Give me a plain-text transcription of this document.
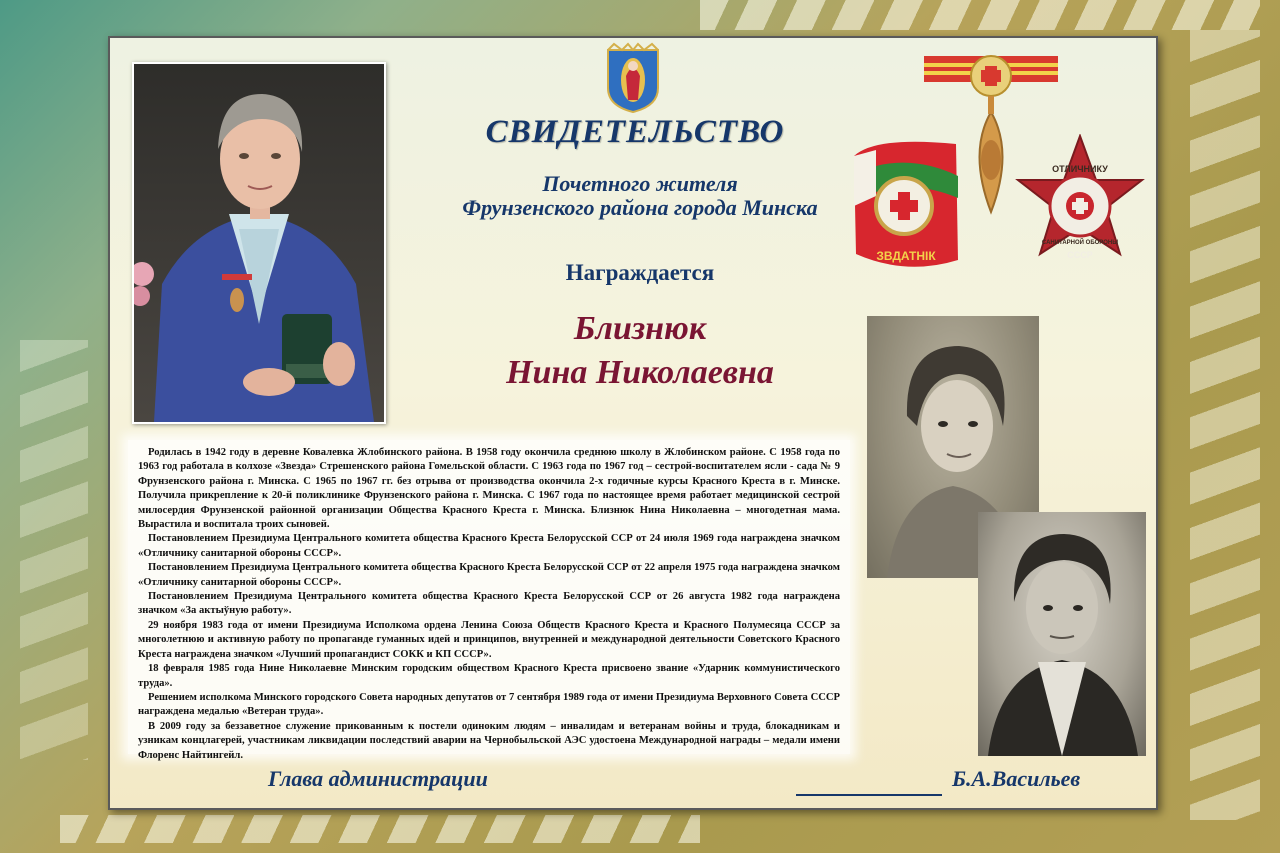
СВИДЕТЕЛЬСТВО
Почетного жителя
Фрунзенского района города Минска
Награждается
Близнюк
Нина Николаевна
ЗВДАТНІК
ОТЛИЧНИКУ
САНИТАРНОЙ ОБОРОНЫ
СССР

Родилась в 1942 году в деревне Ковалевка Жлобинского района. В 1958 году окончила среднюю школу в Жлобинском районе. С 1958 года по 1963 год работала в колхозе «Звезда» Стрешенского района Гомельской области. С 1963 года по 1967 год – сестрой-воспитателем ясли - сада № 9 Фрунзенского района г. Минска. С 1965 по 1967 гг. без отрыва от производства окончила 2-х годичные курсы Красного Креста в г. Минске. Получила прикрепление к 20-й поликлинике Фрунзенского района г. Минска. С 1967 года по настоящее время работает медицинской сестрой милосердия Фрунзенской районной организации Общества Красного Креста г. Минска. Близнюк Нина Николаевна – многодетная мама. Вырастила и воспитала троих сыновей.

Постановлением Президиума Центрального комитета общества Красного Креста Белорусской ССР от 24 июля 1969 года награждена значком «Отличнику санитарной обороны СССР».

Постановлением Президиума Центрального комитета общества Красного Креста Белорусской ССР от 22 апреля 1975 года награждена значком «Отличнику санитарной обороны СССР».

Постановлением Президиума Центрального комитета общества Красного Креста Белорусской ССР от 26 августа 1982 года награждена значком «За актыўную работу».

29 ноября 1983 года от имени Президиума Исполкома ордена Ленина Союза Обществ Красного Креста и Красного Полумесяца СССР за многолетнюю и активную работу по пропаганде гуманных идей и принципов, внутренней и международной деятельности Советского Красного Креста награждена значком «Лучший пропагандист СОКК и КП СССР».

18 февраля 1985 года Нине Николаевне Минским городским обществом Красного Креста присвоено звание «Ударник коммунистического труда».

Решением исполкома Минского городского Совета народных депутатов от 7 сентября 1989 года от имени Президиума Верховного Совета СССР награждена медалью «Ветеран труда».

В 2009 году за беззаветное служение прикованным к постели одиноким людям – инвалидам и ветеранам войны и труда, блокадникам и узникам концлагерей, участникам ликвидации последствий аварии на Чернобыльской АЭС удостоена Международной награды – медали имени Флоренс Найтингейл.

Глава администрации	Б.А.Васильев
